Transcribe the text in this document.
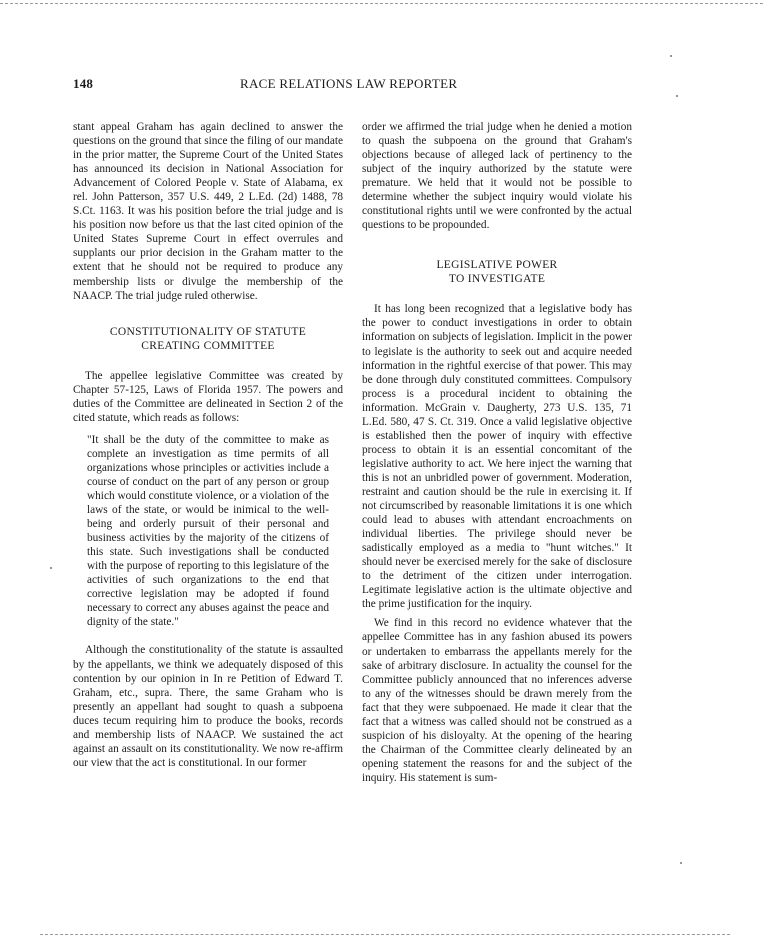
148	RACE RELATIONS LAW REPORTER

stant appeal Graham has again declined to answer the questions on the ground that since the filing of our mandate in the prior matter, the Supreme Court of the United States has announced its decision in National Association for Advancement of Colored People v. State of Alabama, ex rel. John Patterson, 357 U.S. 449, 2 L.Ed. (2d) 1488, 78 S.Ct. 1163. It was his position before the trial judge and is his position now before us that the last cited opinion of the United States Supreme Court in effect overrules and supplants our prior decision in the Graham matter to the extent that he should not be required to produce any membership lists or divulge the membership of the NAACP. The trial judge ruled otherwise.

CONSTITUTIONALITY OF STATUTE
CREATING COMMITTEE

The appellee legislative Committee was created by Chapter 57-125, Laws of Florida 1957. The powers and duties of the Committee are delineated in Section 2 of the cited statute, which reads as follows:

"It shall be the duty of the committee to make as complete an investigation as time permits of all organizations whose principles or activities include a course of conduct on the part of any person or group which would constitute violence, or a violation of the laws of the state, or would be inimical to the well-being and orderly pursuit of their personal and business activities by the majority of the citizens of this state. Such investigations shall be conducted with the purpose of reporting to this legislature of the activities of such organizations to the end that corrective legislation may be adopted if found necessary to correct any abuses against the peace and dignity of the state."

Although the constitutionality of the statute is assaulted by the appellants, we think we adequately disposed of this contention by our opinion in In re Petition of Edward T. Graham, etc., supra. There, the same Graham who is presently an appellant had sought to quash a subpoena duces tecum requiring him to produce the books, records and membership lists of NAACP. We sustained the act against an assault on its constitutionality. We now re-affirm our view that the act is constitutional. In our former

order we affirmed the trial judge when he denied a motion to quash the subpoena on the ground that Graham's objections because of alleged lack of pertinency to the subject of the inquiry authorized by the statute were premature. We held that it would not be possible to determine whether the subject inquiry would violate his constitutional rights until we were confronted by the actual questions to be propounded.

LEGISLATIVE POWER
TO INVESTIGATE

It has long been recognized that a legislative body has the power to conduct investigations in order to obtain information on subjects of legislation. Implicit in the power to legislate is the authority to seek out and acquire needed information in the rightful exercise of that power. This may be done through duly constituted committees. Compulsory process is a procedural incident to obtaining the information. McGrain v. Daugherty, 273 U.S. 135, 71 L.Ed. 580, 47 S. Ct. 319. Once a valid legislative objective is established then the power of inquiry with effective process to obtain it is an essential concomitant of the legislative authority to act. We here inject the warning that this is not an unbridled power of government. Moderation, restraint and caution should be the rule in exercising it. If not circumscribed by reasonable limitations it is one which could lead to abuses with attendant encroachments on individual liberties. The privilege should never be sadistically employed as a media to "hunt witches." It should never be exercised merely for the sake of disclosure to the detriment of the citizen under interrogation. Legitimate legislative action is the ultimate objective and the prime justification for the inquiry.

We find in this record no evidence whatever that the appellee Committee has in any fashion abused its powers or undertaken to embarrass the appellants merely for the sake of arbitrary disclosure. In actuality the counsel for the Committee publicly announced that no inferences adverse to any of the witnesses should be drawn merely from the fact that they were subpoenaed. He made it clear that the fact that a witness was called should not be construed as a suspicion of his disloyalty. At the opening of the hearing the Chairman of the Committee clearly delineated by an opening statement the reasons for and the subject of the inquiry. His statement is sum-
